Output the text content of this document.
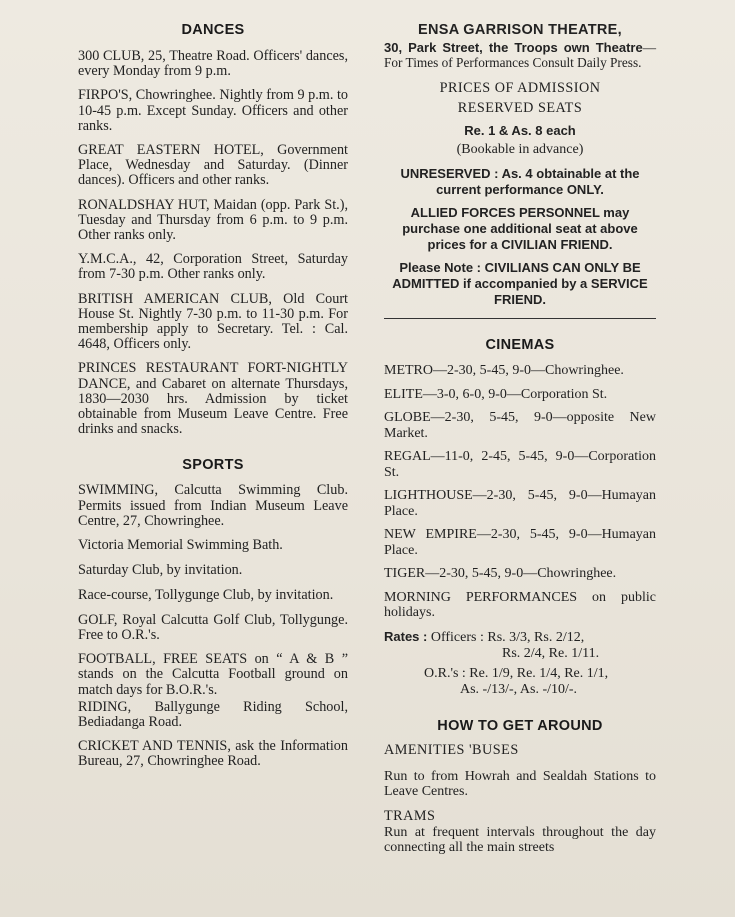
DANCES

300 CLUB, 25, Theatre Road. Officers' dances, every Monday from 9 p.m.

FIRPO'S, Chowringhee. Nightly from 9 p.m. to 10-45 p.m. Except Sunday. Officers and other ranks.

GREAT EASTERN HOTEL, Government Place, Wednesday and Saturday. (Dinner dances). Officers and other ranks.

RONALDSHAY HUT, Maidan (opp. Park St.), Tuesday and Thursday from 6 p.m. to 9 p.m. Other ranks only.

Y.M.C.A., 42, Corporation Street, Saturday from 7-30 p.m. Other ranks only.

BRITISH AMERICAN CLUB, Old Court House St. Nightly 7-30 p.m. to 11-30 p.m. For membership apply to Secretary. Tel. : Cal. 4648, Officers only.

PRINCES RESTAURANT FORT-NIGHTLY DANCE, and Cabaret on alternate Thursdays, 1830—2030 hrs. Admission by ticket obtainable from Museum Leave Centre. Free drinks and snacks.

SPORTS

SWIMMING, Calcutta Swimming Club. Permits issued from Indian Museum Leave Centre, 27, Chowringhee.

Victoria Memorial Swimming Bath.

Saturday Club, by invitation.

Race-course, Tollygunge Club, by invitation.

GOLF, Royal Calcutta Golf Club, Tollygunge. Free to O.R.'s.

FOOTBALL, FREE SEATS on “ A & B ” stands on the Calcutta Football ground on match days for B.O.R.'s.

RIDING, Ballygunge Riding School, Bediadanga Road.

CRICKET AND TENNIS, ask the Information Bureau, 27, Chowringhee Road.

ENSA GARRISON THEATRE,

30, Park Street, the Troops own Theatre—For Times of Performances Consult Daily Press.

PRICES OF ADMISSION

RESERVED SEATS

Re. 1 & As. 8 each

(Bookable in advance)

UNRESERVED : As. 4 obtainable at the current performance ONLY.

ALLIED FORCES PERSONNEL may purchase one additional seat at above prices for a CIVILIAN FRIEND.

Please Note : CIVILIANS CAN ONLY BE ADMITTED if accompanied by a SERVICE FRIEND.

CINEMAS

METRO—2-30, 5-45, 9-0—Chowringhee.

ELITE—3-0, 6-0, 9-0—Corporation St.

GLOBE—2-30, 5-45, 9-0—opposite New Market.

REGAL—11-0, 2-45, 5-45, 9-0—Corporation St.

LIGHTHOUSE—2-30, 5-45, 9-0—Humayan Place.

NEW EMPIRE—2-30, 5-45, 9-0—Humayan Place.

TIGER—2-30, 5-45, 9-0—Chowringhee.

MORNING PERFORMANCES on public holidays.

Rates : Officers : Rs. 3/3, Rs. 2/12,

Rs. 2/4, Re. 1/11.

O.R.'s : Re. 1/9, Re. 1/4, Re. 1/1,

As. -/13/-, As. -/10/-.

HOW TO GET AROUND

AMENITIES 'BUSES

Run to from Howrah and Sealdah Stations to Leave Centres.

TRAMS

Run at frequent intervals throughout the day connecting all the main streets
